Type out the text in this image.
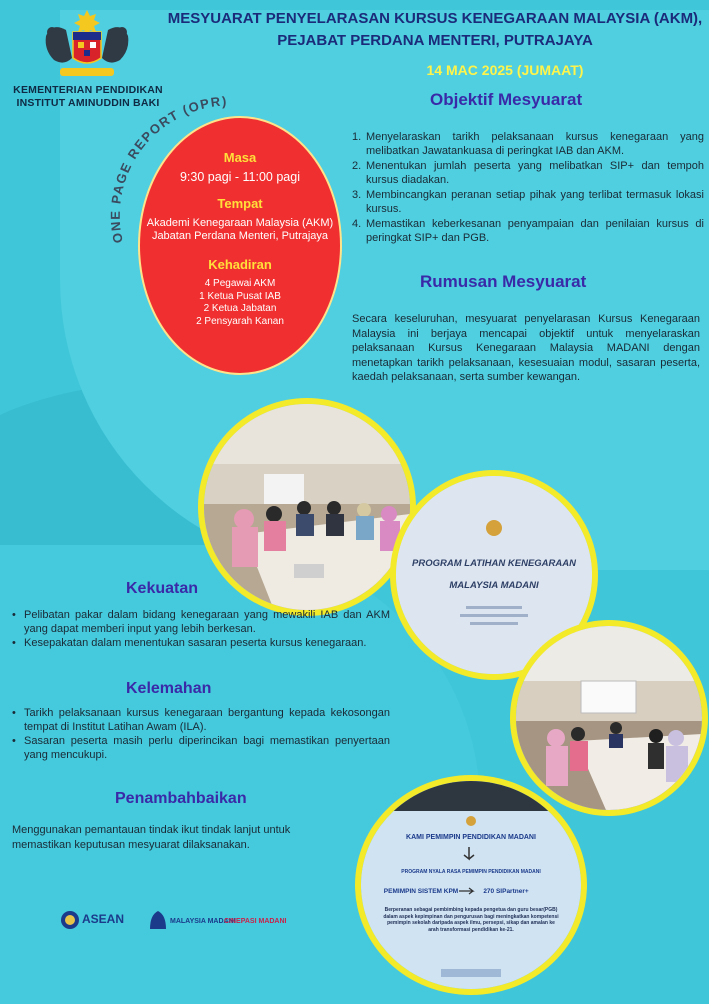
KEMENTERIAN PENDIDIKAN
INSTITUT AMINUDDIN BAKI
MESYUARAT PENYELARASAN KURSUS KENEGARAAN MALAYSIA (AKM),
PEJABAT PERDANA MENTERI, PUTRAJAYA
14 MAC 2025 (JUMAAT)
ONE PAGE REPORT (OPR)
Masa
9:30 pagi - 11:00 pagi
Tempat
Akademi Kenegaraan Malaysia (AKM)
Jabatan Perdana Menteri, Putrajaya
Kehadiran
4 Pegawai AKM
1 Ketua Pusat IAB
2 Ketua Jabatan
2 Pensyarah Kanan
Objektif Mesyuarat
1. Menyelaraskan tarikh pelaksanaan kursus kenegaraan yang melibatkan Jawatankuasa di peringkat IAB dan AKM.
2. Menentukan jumlah peserta yang melibatkan SIP+ dan tempoh kursus diadakan.
3. Membincangkan peranan setiap pihak yang terlibat termasuk lokasi kursus.
4. Memastikan keberkesanan penyampaian dan penilaian kursus di peringkat SIP+ dan PGB.
Rumusan Mesyuarat
Secara keseluruhan, mesyuarat penyelarasan Kursus Kenegaraan Malaysia ini berjaya mencapai objektif untuk menyelaraskan pelaksanaan Kursus Kenegaraan Malaysia MADANI dengan menetapkan tarikh pelaksanaan, kesesuaian modul, sasaran peserta, kaedah pelaksanaan, serta sumber kewangan.
PROGRAM LATIHAN KENEGARAAN
MALAYSIA MADANI
KAMI PEMIMPIN PENDIDIKAN MADANI
PROGRAM NYALA RASA PEMIMPIN PENDIDIKAN MADANI
PEMIMPIN SISTEM KPM	270 SIPartner+
Berperanan sebagai pembimbing kepada pengetua dan guru besar(PGB) dalam aspek kepimpinan dan pengurusan bagi meningkatkan kompetensi pemimpin sekolah daripada aspek ilmu, persepsi, sikap dan amalan ke arah transformasi pendidikan ke-21.
Kekuatan
• Pelibatan pakar dalam bidang kenegaraan yang mewakili IAB dan AKM yang dapat memberi input yang lebih berkesan.
• Kesepakatan dalam menentukan sasaran peserta kursus kenegaraan.
Kelemahan
• Tarikh pelaksanaan kursus kenegaraan bergantung kepada kekosongan tempat di Institut Latihan Awam (ILA).
• Sasaran peserta masih perlu diperincikan bagi memastikan penyertaan yang mencukupi.
Penambahbaikan
Menggunakan pemantauan tindak ikut tindak lanjut untuk memastikan keputusan mesyuarat dilaksanakan.
ASEAN	MALAYSIA MADANI
CINEPASI MADANI
